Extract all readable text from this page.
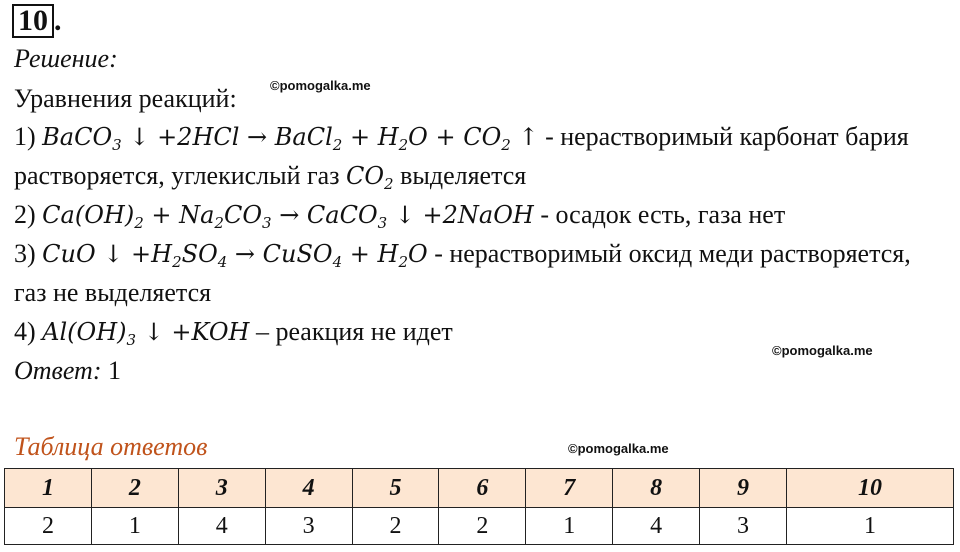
10 .
Решение:
©pomogalka.me
Уравнения реакций:
1) BaCO$_3$ ↓ +2HCl → BaCl$_2$ + $H_2O + CO_2$ ↑ - нерастворимый карбонат бария
растворяется, углекислый газ $CO_2$ выделяется
2) $Ca(OH)_2 + Na_2CO_3$ → CaCO$_3$ ↓ +2NaOH - осадок есть, газа нет
3) CuO ↓ $+H_2SO_4$ → CuSO$_4$ + $H_2O$ - нерастворимый оксид меди растворяется,
газ не выделяется
4) $Al(OH)_3$ ↓ +KOH – реакция не идет
©pomogalka.me
Ответ: 1
Таблица ответов	©pomogalka.me
1	2	3	4	5	6	7	8	9	10
2	1	4	3	2	2	1	4	3	1
